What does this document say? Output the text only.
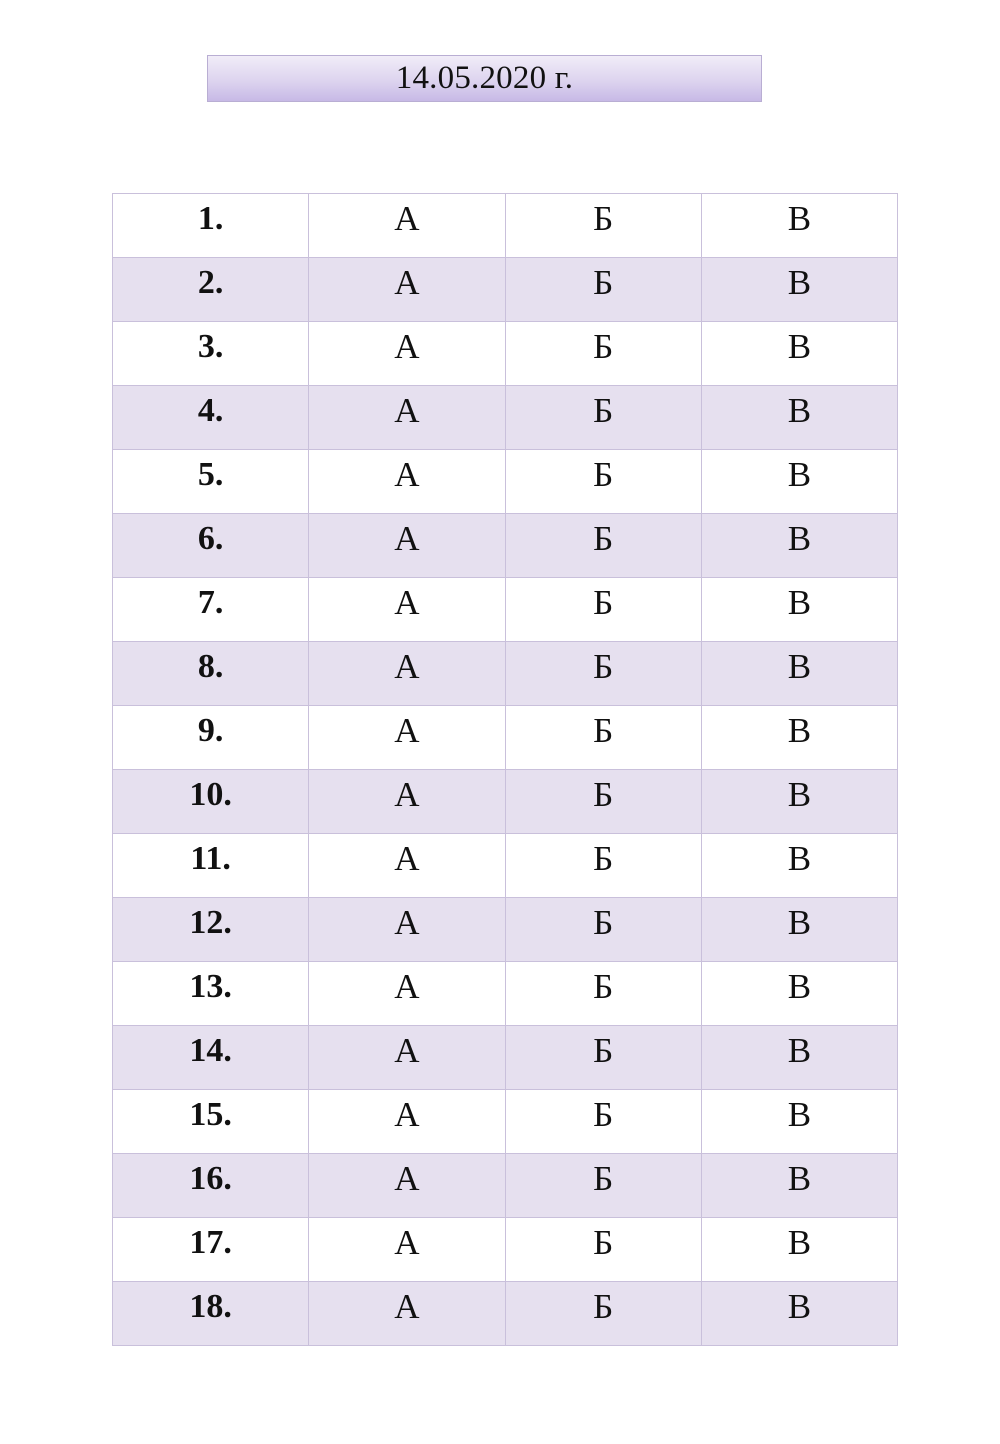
14.05.2020 г.
1.	А	Б	В
2.	А	Б	В
3.	А	Б	В
4.	А	Б	В
5.	А	Б	В
6.	А	Б	В
7.	А	Б	В
8.	А	Б	В
9.	А	Б	В
10.	А	Б	В
11.	А	Б	В
12.	А	Б	В
13.	А	Б	В
14.	А	Б	В
15.	А	Б	В
16.	А	Б	В
17.	А	Б	В
18.	А	Б	В
